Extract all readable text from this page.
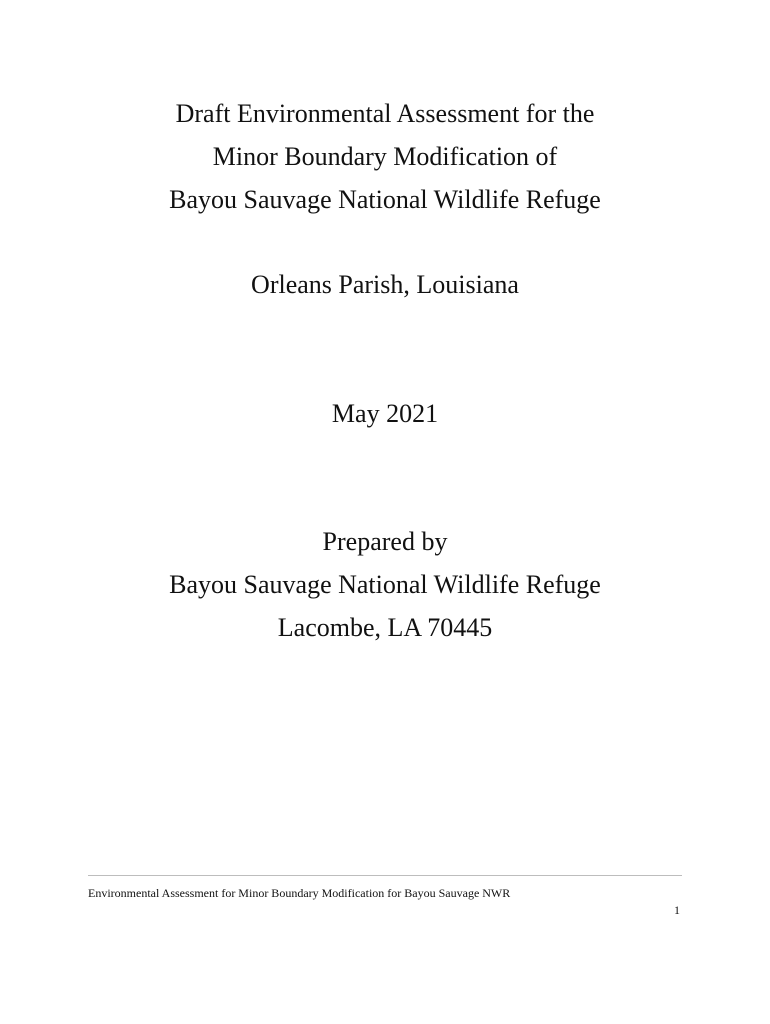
Draft Environmental Assessment for the

Minor Boundary Modification of

Bayou Sauvage National Wildlife Refuge

Orleans Parish, Louisiana

May 2021

Prepared by

Bayou Sauvage National Wildlife Refuge

Lacombe, LA 70445

Environmental Assessment for Minor Boundary Modification for Bayou Sauvage NWR
1
